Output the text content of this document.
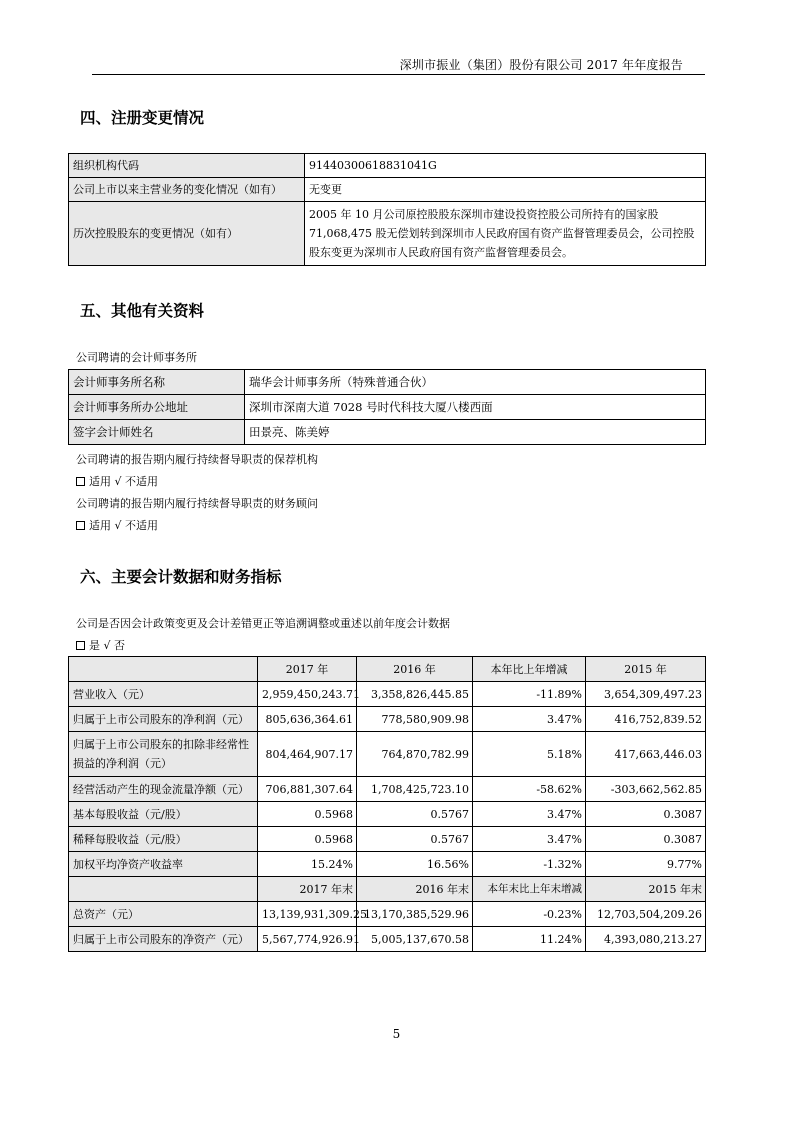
深圳市振业（集团）股份有限公司 2017 年年度报告
四、注册变更情况
组织机构代码	91440300618831041G
公司上市以来主营业务的变化情况（如有）	无变更
历次控股股东的变更情况（如有）	2005 年 10 月公司原控股股东深圳市建设投资控股公司所持有的国家股 71,068,475 股无偿划转到深圳市人民政府国有资产监督管理委员会，公司控股股东变更为深圳市人民政府国有资产监督管理委员会。
五、其他有关资料
公司聘请的会计师事务所
会计师事务所名称	瑞华会计师事务所（特殊普通合伙）
会计师事务所办公地址	深圳市深南大道 7028 号时代科技大厦八楼西面
签字会计师姓名	田景亮、陈美婷
公司聘请的报告期内履行持续督导职责的保荐机构
适用 √ 不适用
公司聘请的报告期内履行持续督导职责的财务顾问
适用 √ 不适用
六、主要会计数据和财务指标
公司是否因会计政策变更及会计差错更正等追溯调整或重述以前年度会计数据
是 √ 否
	2017 年	2016 年	本年比上年增减	2015 年
营业收入（元）	2,959,450,243.71	3,358,826,445.85	-11.89%	3,654,309,497.23
归属于上市公司股东的净利润（元）	805,636,364.61	778,580,909.98	3.47%	416,752,839.52
归属于上市公司股东的扣除非经常性损益的净利润（元）	804,464,907.17	764,870,782.99	5.18%	417,663,446.03
经营活动产生的现金流量净额（元）	706,881,307.64	1,708,425,723.10	-58.62%	-303,662,562.85
基本每股收益（元/股）	0.5968	0.5767	3.47%	0.3087
稀释每股收益（元/股）	0.5968	0.5767	3.47%	0.3087
加权平均净资产收益率	15.24%	16.56%	-1.32%	9.77%
	2017 年末	2016 年末	本年末比上年末增减	2015 年末
总资产（元）	13,139,931,309.25	13,170,385,529.96	-0.23%	12,703,504,209.26
归属于上市公司股东的净资产（元）	5,567,774,926.91	5,005,137,670.58	11.24%	4,393,080,213.27
5
